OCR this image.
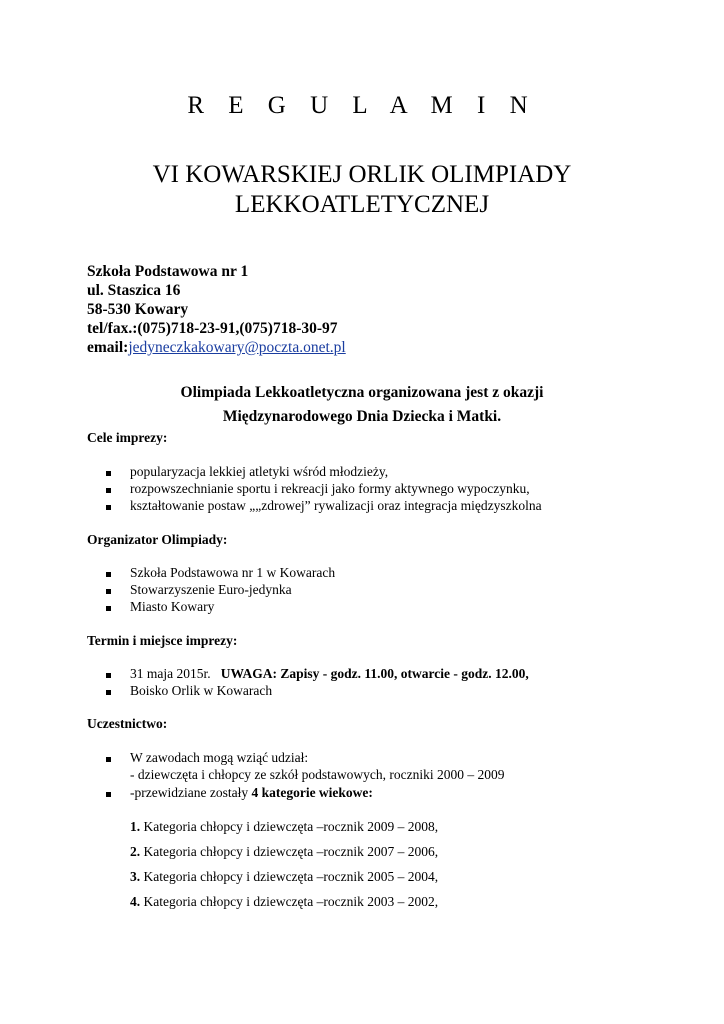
R E G U L A M I N
VI KOWARSKIEJ ORLIK OLIMPIADY
LEKKOATLETYCZNEJ
Szkoła Podstawowa nr 1
ul. Staszica 16
58-530 Kowary
tel/fax.:(075)718-23-91,(075)718-30-97
email:jedyneczkakowary@poczta.onet.pl
Olimpiada Lekkoatletyczna organizowana jest z okazji
Międzynarodowego Dnia Dziecka i Matki.
Cele imprezy:
popularyzacja lekkiej atletyki wśród młodzieży,
rozpowszechnianie sportu i rekreacji jako formy aktywnego wypoczynku,
kształtowanie postaw „„zdrowej” rywalizacji oraz integracja międzyszkolna
Organizator Olimpiady:
Szkoła Podstawowa nr 1 w Kowarach
Stowarzyszenie Euro-jedynka
Miasto Kowary
Termin i miejsce imprezy:
31 maja 2015r. UWAGA: Zapisy - godz. 11.00, otwarcie - godz. 12.00,
Boisko Orlik w Kowarach
Uczestnictwo:
W zawodach mogą wziąć udział:
- dziewczęta i chłopcy ze szkół podstawowych, roczniki 2000 – 2009
-przewidziane zostały 4 kategorie wiekowe:
1. Kategoria chłopcy i dziewczęta –rocznik 2009 – 2008,
2. Kategoria chłopcy i dziewczęta –rocznik 2007 – 2006,
3. Kategoria chłopcy i dziewczęta –rocznik 2005 – 2004,
4. Kategoria chłopcy i dziewczęta –rocznik 2003 – 2002,
